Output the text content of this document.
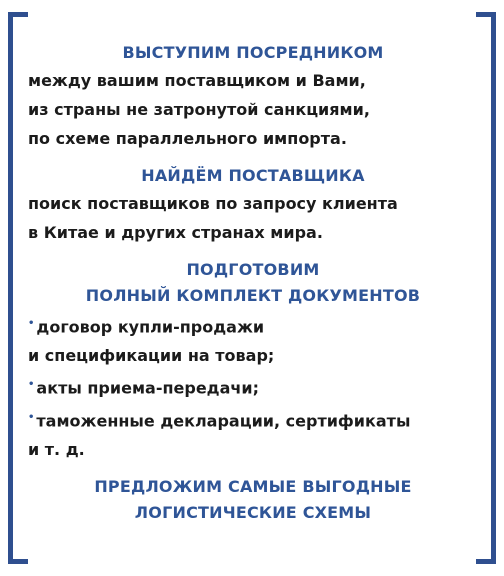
ВЫСТУПИМ ПОСРЕДНИКОМ
между вашим поставщиком и Вами,
из страны не затронутой санкциями,
по схеме параллельного импорта.
НАЙДЁМ ПОСТАВЩИКА
поиск поставщиков по запросу клиента
в Китае и других странах мира.
ПОДГОТОВИМ
ПОЛНЫЙ КОМПЛЕКТ ДОКУМЕНТОВ
• договор купли-продажи
и спецификации на товар;
• акты приема-передачи;
• таможенные декларации, сертификаты
и т. д.
ПРЕДЛОЖИМ САМЫЕ ВЫГОДНЫЕ
ЛОГИСТИЧЕСКИЕ СХЕМЫ
